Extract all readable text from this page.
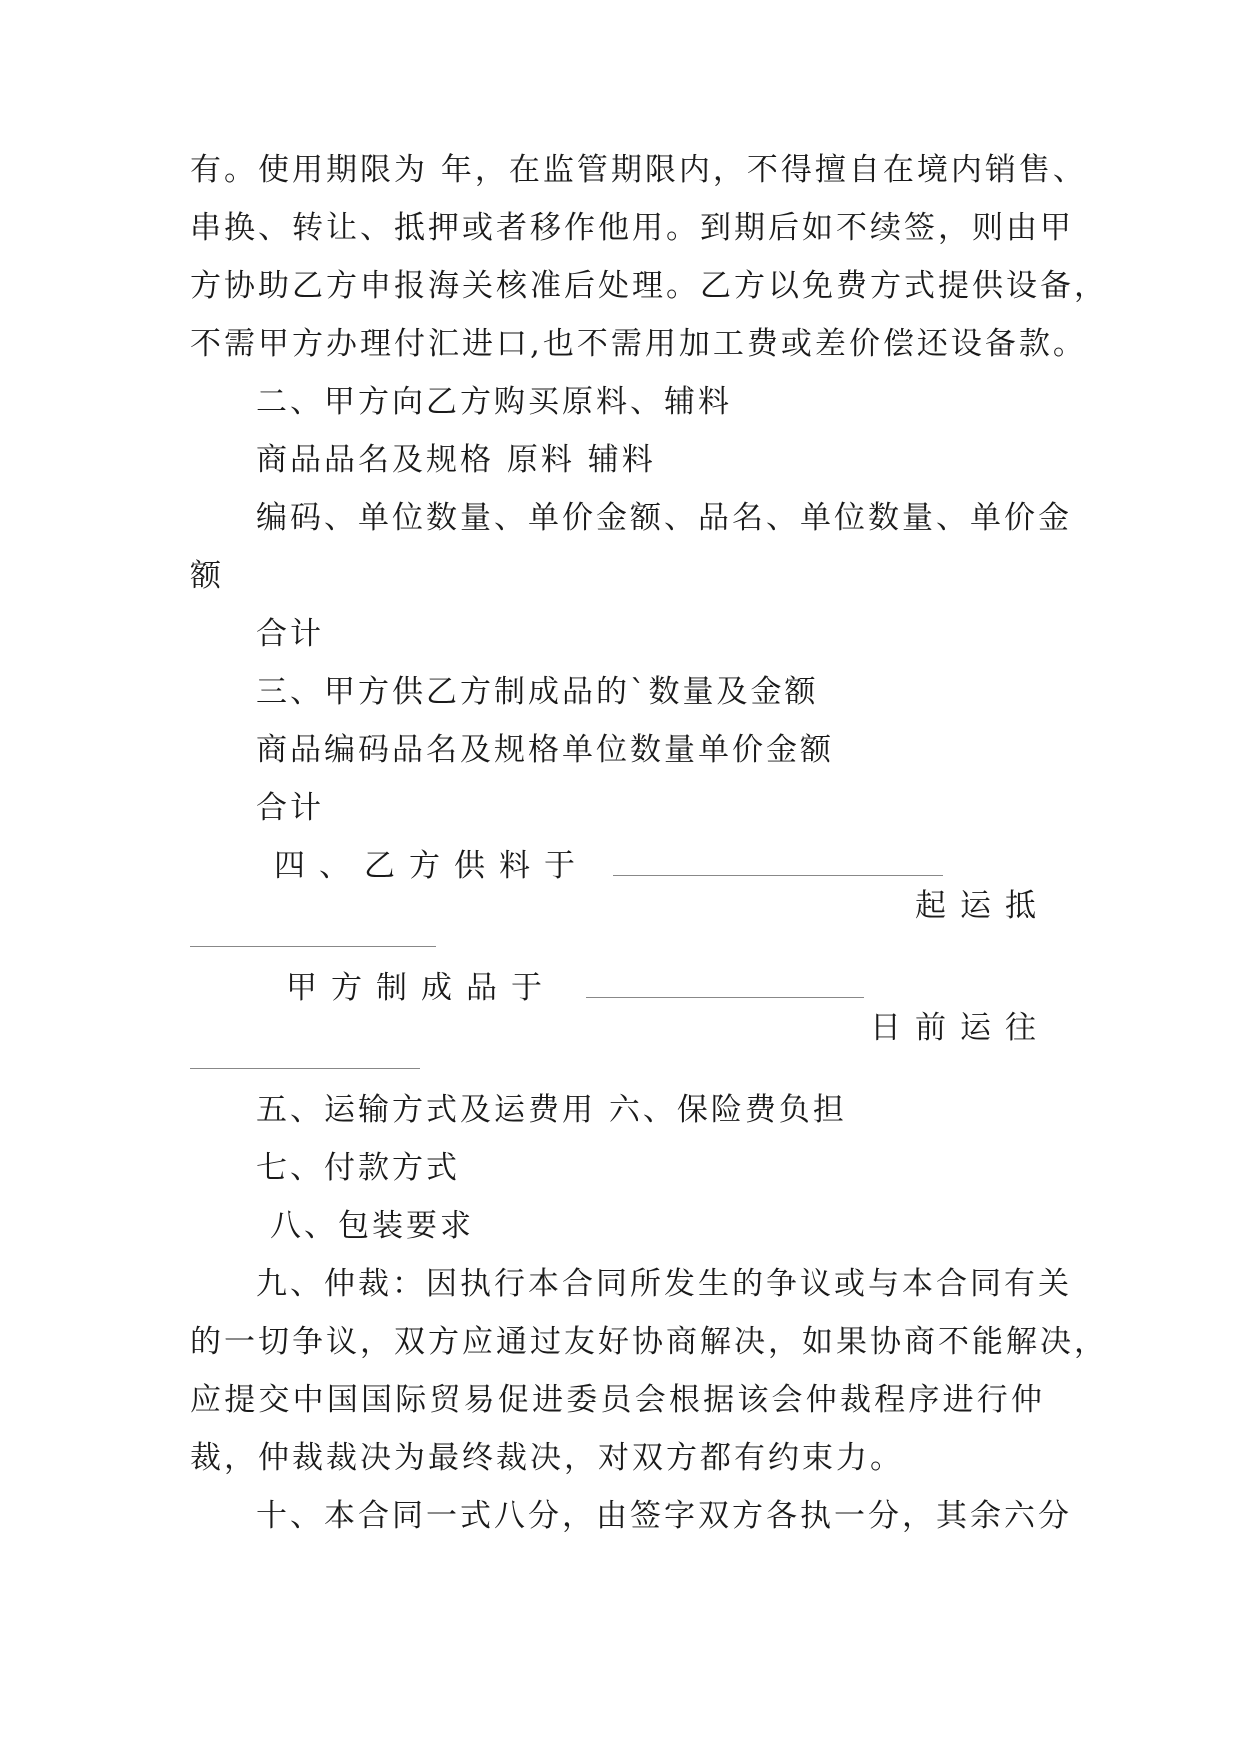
有。使用期限为 年，在监管期限内，不得擅自在境内销售、
串换、转让、抵押或者移作他用。到期后如不续签，则由甲
方协助乙方申报海关核准后处理。乙方以免费方式提供设备，
不需甲方办理付汇进口,也不需用加工费或差价偿还设备款。
二、甲方向乙方购买原料、辅料
商品品名及规格 原料 辅料
编码、单位数量、单价金额、品名、单位数量、单价金
额
合计
三、甲方供乙方制成品的`数量及金额
商品编码品名及规格单位数量单价金额
合计
四、乙方供料于
起运抵
甲方制成品于
日前运往
五、运输方式及运费用 六、保险费负担
七、付款方式
八、包装要求
九、仲裁：因执行本合同所发生的争议或与本合同有关
的一切争议，双方应通过友好协商解决，如果协商不能解决，
应提交中国国际贸易促进委员会根据该会仲裁程序进行仲
裁，仲裁裁决为最终裁决，对双方都有约束力。
十、本合同一式八分，由签字双方各执一分，其余六分
